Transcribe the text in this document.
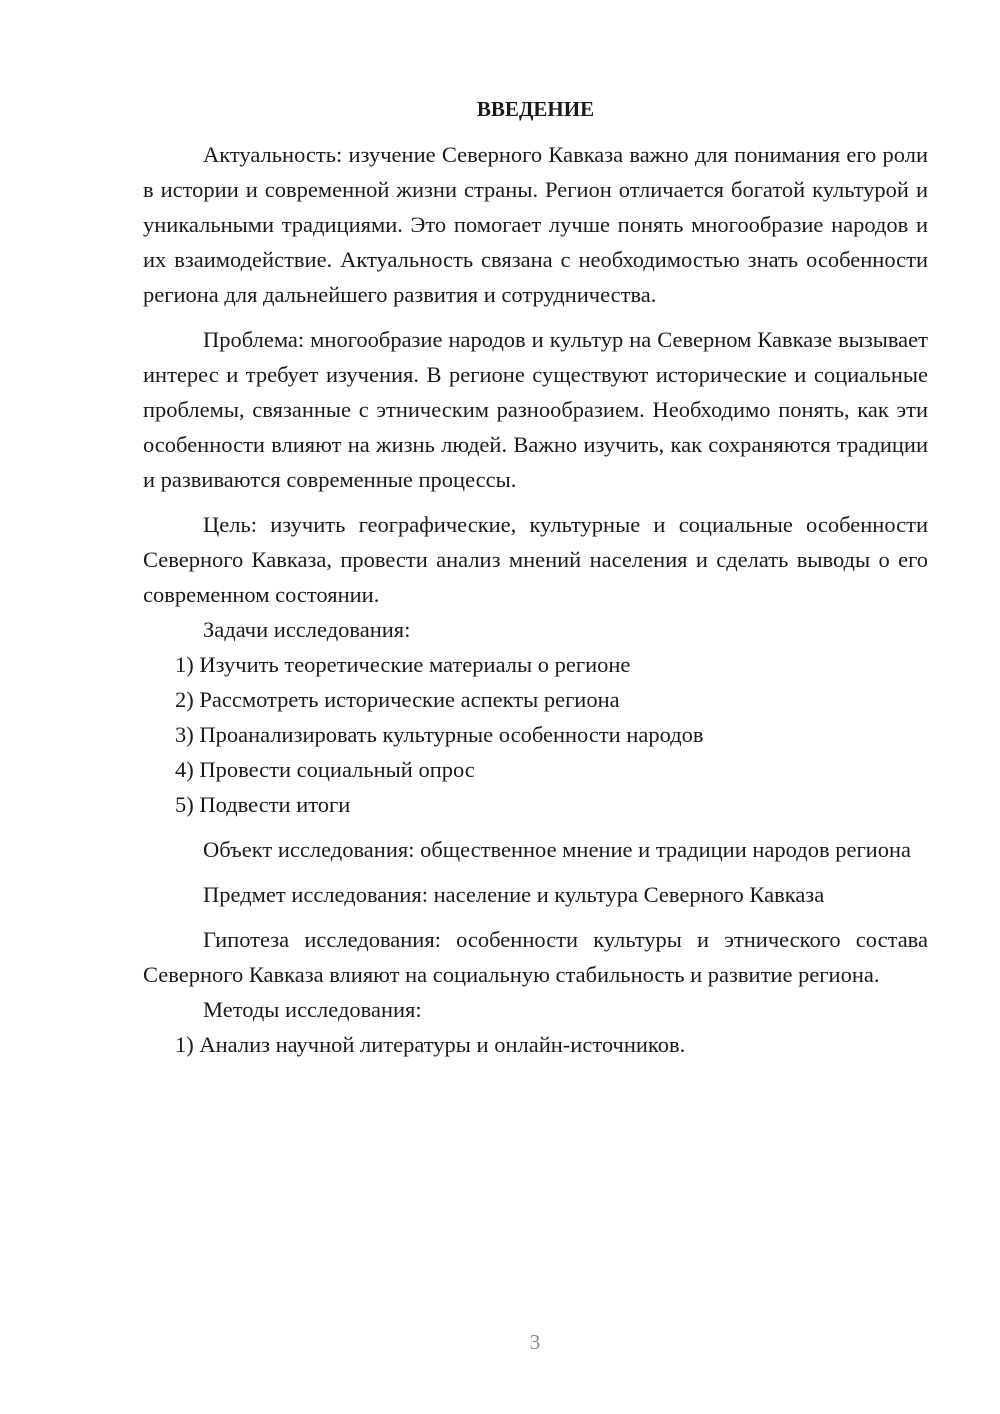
ВВЕДЕНИЕ

Актуальность: изучение Северного Кавказа важно для понимания его роли в истории и современной жизни страны. Регион отличается богатой культурой и уникальными традициями. Это помогает лучше понять многообразие народов и их взаимодействие. Актуальность связана с необходимостью знать особенности региона для дальнейшего развития и сотрудничества.

Проблема: многообразие народов и культур на Северном Кавказе вызывает интерес и требует изучения. В регионе существуют исторические и социальные проблемы, связанные с этническим разнообразием. Необходимо понять, как эти особенности влияют на жизнь людей. Важно изучить, как сохраняются традиции и развиваются современные процессы.

Цель: изучить географические, культурные и социальные особенности Северного Кавказа, провести анализ мнений населения и сделать выводы о его современном состоянии.

Задачи исследования:

1) Изучить теоретические материалы о регионе

2) Рассмотреть исторические аспекты региона

3) Проанализировать культурные особенности народов

4) Провести социальный опрос

5) Подвести итоги

Объект исследования: общественное мнение и традиции народов региона

Предмет исследования: население и культура Северного Кавказа

Гипотеза исследования: особенности культуры и этнического состава Северного Кавказа влияют на социальную стабильность и развитие региона.

Методы исследования:

1) Анализ научной литературы и онлайн-источников.

3
